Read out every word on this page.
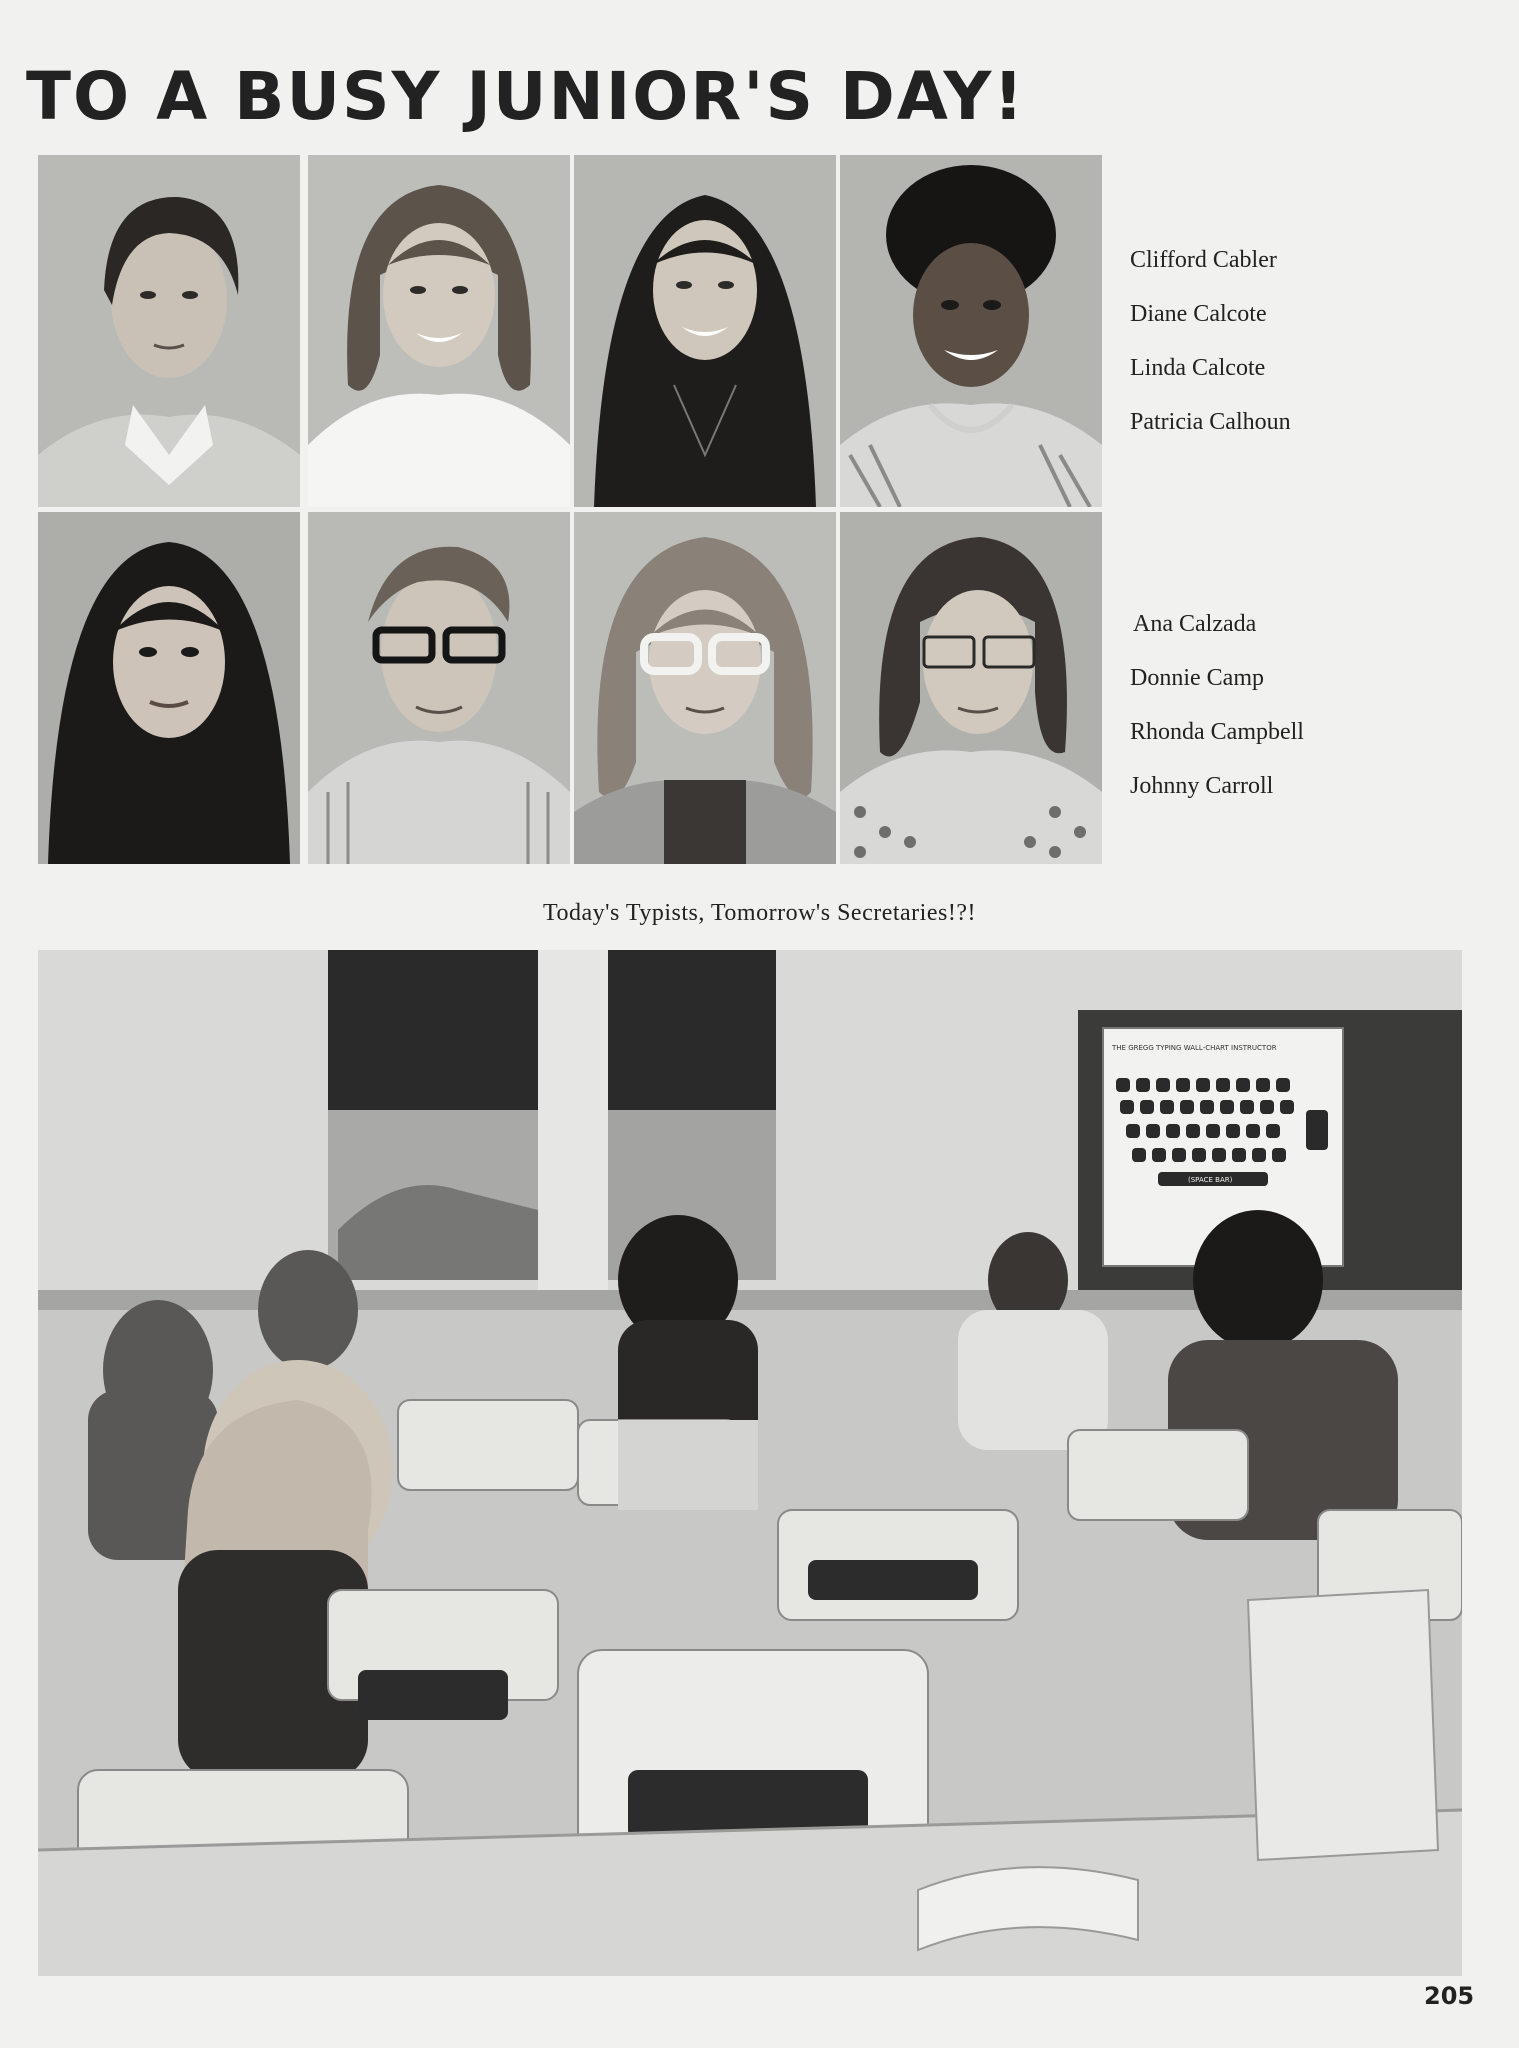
TO A BUSY JUNIOR'S DAY!
Clifford Cabler
Diane Calcote
Linda Calcote
Patricia Calhoun
Ana Calzada
Donnie Camp
Rhonda Campbell
Johnny Carroll
Today's Typists, Tomorrow's Secretaries!?!
THE GREGG TYPING WALL-CHART INSTRUCTOR
(SPACE BAR)
205
